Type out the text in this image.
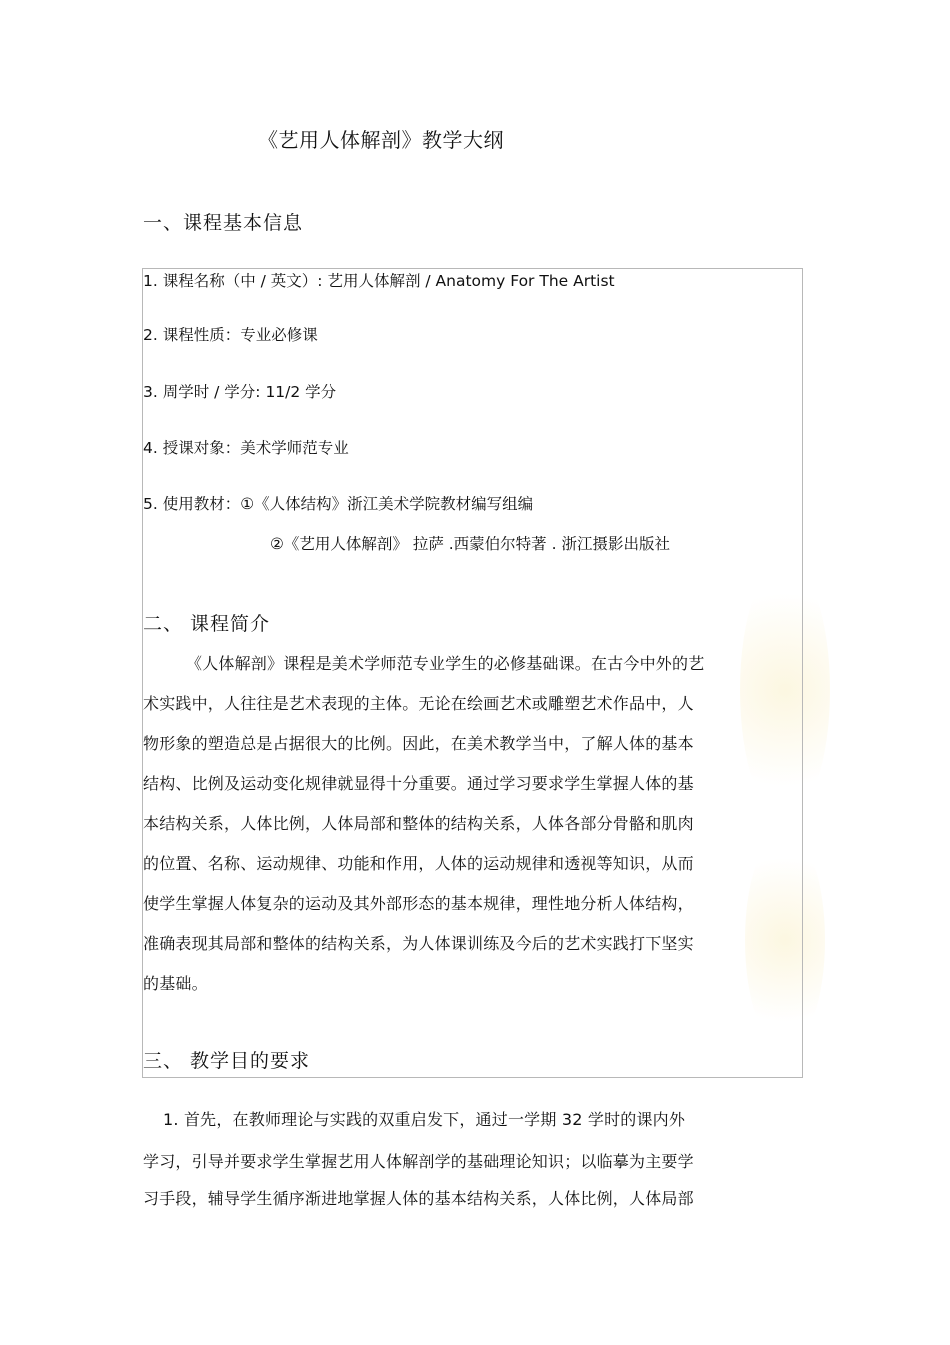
《艺用人体解剖》教学大纲
一、课程基本信息
1. 课程名称（中 / 英文）: 艺用人体解剖 / Anatomy For The Artist
2. 课程性质：专业必修课
3. 周学时 / 学分: 11/2 学分
4. 授课对象：美术学师范专业
5. 使用教材：①《人体结构》浙江美术学院教材编写组编
②《艺用人体解剖》 拉萨 .西蒙伯尔特著 . 浙江摄影出版社
二、 课程简介
《人体解剖》课程是美术学师范专业学生的必修基础课。在古今中外的艺
术实践中，人往往是艺术表现的主体。无论在绘画艺术或雕塑艺术作品中，人
物形象的塑造总是占据很大的比例。因此，在美术教学当中，了解人体的基本
结构、比例及运动变化规律就显得十分重要。通过学习要求学生掌握人体的基
本结构关系，人体比例，人体局部和整体的结构关系，人体各部分骨骼和肌肉
的位置、名称、运动规律、功能和作用，人体的运动规律和透视等知识，从而
使学生掌握人体复杂的运动及其外部形态的基本规律，理性地分析人体结构，
准确表现其局部和整体的结构关系，为人体课训练及今后的艺术实践打下坚实
的基础。
三、 教学目的要求
1. 首先，在教师理论与实践的双重启发下，通过一学期 32 学时的课内外
学习，引导并要求学生掌握艺用人体解剖学的基础理论知识；以临摹为主要学
习手段，辅导学生循序渐进地掌握人体的基本结构关系，人体比例，人体局部
